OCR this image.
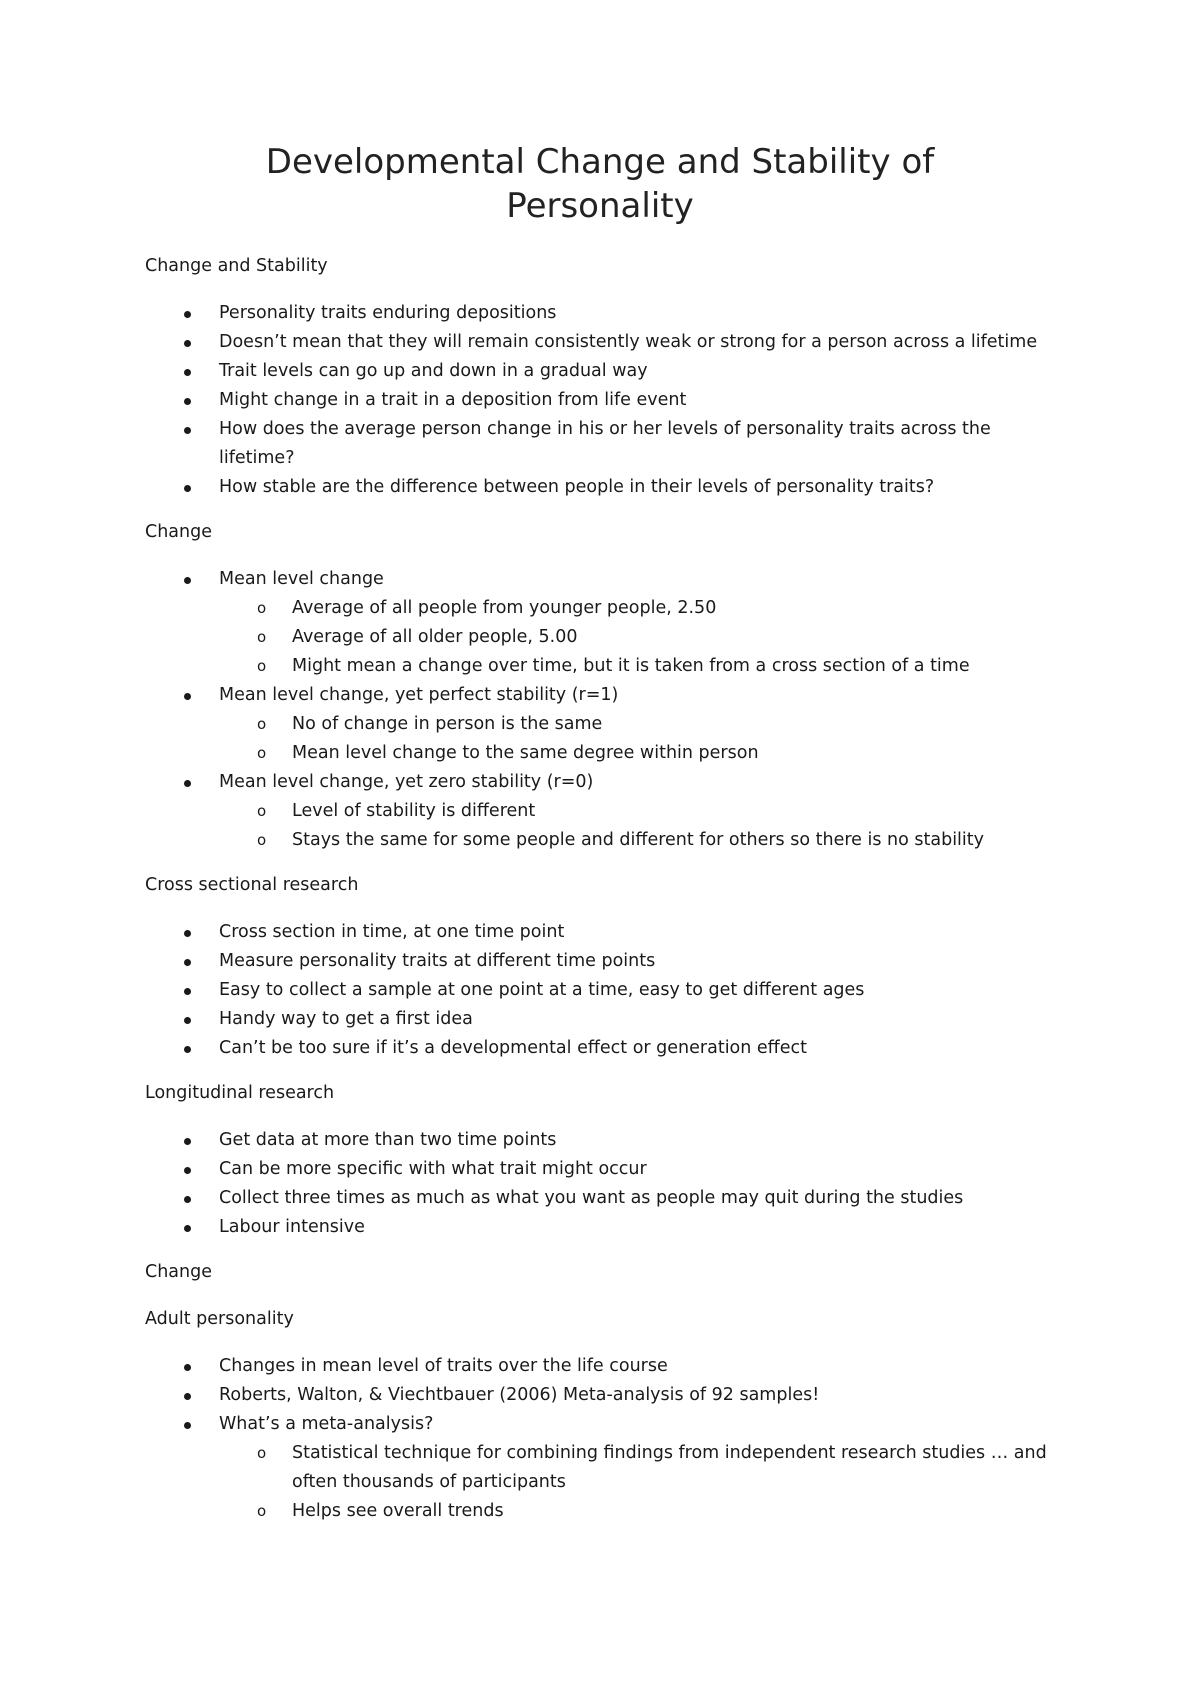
Developmental Change and Stability of
Personality
Change and Stability
Personality traits enduring depositions
Doesn’t mean that they will remain consistently weak or strong for a person across a lifetime
Trait levels can go up and down in a gradual way
Might change in a trait in a deposition from life event
How does the average person change in his or her levels of personality traits across the lifetime?
How stable are the difference between people in their levels of personality traits?
Change
Mean level change
o Average of all people from younger people, 2.50
o Average of all older people, 5.00
o Might mean a change over time, but it is taken from a cross section of a time
Mean level change, yet perfect stability (r=1)
o No of change in person is the same
o Mean level change to the same degree within person
Mean level change, yet zero stability (r=0)
o Level of stability is different
o Stays the same for some people and different for others so there is no stability
Cross sectional research
Cross section in time, at one time point
Measure personality traits at different time points
Easy to collect a sample at one point at a time, easy to get different ages
Handy way to get a first idea
Can’t be too sure if it’s a developmental effect or generation effect
Longitudinal research
Get data at more than two time points
Can be more specific with what trait might occur
Collect three times as much as what you want as people may quit during the studies
Labour intensive
Change
Adult personality
Changes in mean level of traits over the life course
Roberts, Walton, & Viechtbauer (2006) Meta-analysis of 92 samples!
What’s a meta-analysis?
o Statistical technique for combining findings from independent research studies … and often thousands of participants
o Helps see overall trends
